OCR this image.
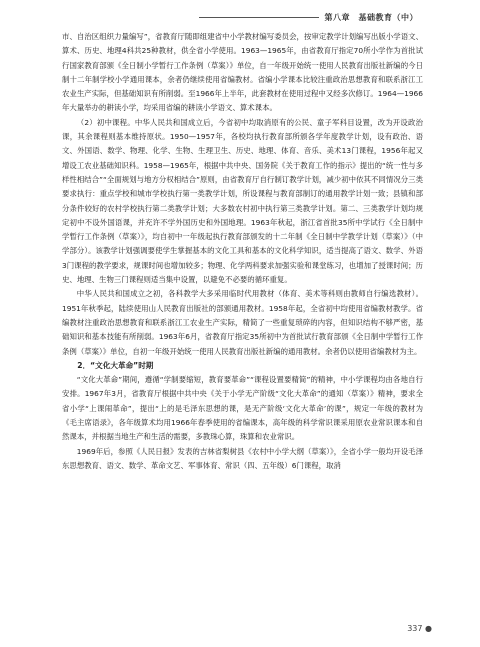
第八章　基础教育（中）

市、自治区组织力量编写”，省教育厅随即组建省中小学教材编写委员会，按审定教学计划编写出版小学语文、算术、历史、地理4科共25种教材，供全省小学使用。1963—1965年，由省教育厅指定70所小学作为首批试行国家教育部颁《全日制小学暂行工作条例（草案）》单位，自一年级开始统一使用人民教育出版社新编的今日制十二年制学校小学通用课本，余者仍继续使用省编教材。省编小学课本比较注重政治思想教育和联系浙江工农业生产实际，但基础知识有所削弱。至1966年上半年，此套教材在使用过程中又经多次修订。1964—1966年大量举办的耕读小学，均采用省编的耕读小学语文、算术课本。

（2）初中课程。中华人民共和国成立后，今省初中均取消原有的公民、童子军科目设置，改为开设政治课，其余课程则基本维持原状。1950—1957年，各校均执行教育部所颁各学年度教学计划，设有政治、语文、外国语、数学、物理、化学、生物、生理卫生、历史、地理、体育、音乐、美术13门课程，1956年起又增设工农业基础知识科。1958—1965年，根据中共中央、国务院《关于教育工作的指示》提出的“统一性与多样性相结合”“全面规划与地方分权相结合”原则，由省教育厅自行制订教学计划，减少初中依其不同情况分三类要求执行：重点学校和城市学校执行第一类教学计划，所设课程与教育部制订的通用教学计划一致；县镇和部分条件较好的农村学校执行第二类教学计划；大多数农村初中执行第三类教学计划。第二、三类教学计划均规定初中不设外国语课，并充许不学外国历史和外国地理。1963年秋起，浙江省首批35所中学试行《全日制中学暂行工作条例（草案）》，均自初中一年级起执行教育部颁发的十二年制《全日制中学教学计划（草案）》（中学部分）。该教学计划强调要使学生掌握基本的文化工具和基本的文化科学知识，适当提高了语文、数学、外语3门课程的教学要求，规课时间也增加较多；物理、化学两科要求加强实验和课堂练习，也增加了授课时间；历史、地理、生物三门课程则适当集中设置，以避免不必要的循环重复。

中华人民共和国成立之初，各科教学大多采用临时代用教材（体育、美术等科则由教师自行编选教材）。1951年秋季起，陆续使用山人民教育出版社的部颁通用教材。1958年起，全省初中均使用省编教材教学。省编教材注重政治思想教育和联系浙江工农业生产实际，精简了一些重复琐碎的内容，但知识结构不够严密，基础知识和基本技能有所削弱。1963年6月，省教育厅指定35所初中为首批试行教育部颁《全日制中学暂行工作条例（草案）》单位，自初一年级开始统一使用人民教育出版社新编的通用教材。余者仍以使用省编教材为主。

2．“文化大革命”时期

“文化大革命”期间，遵循“学制要缩短，教育要革命”“课程设置要精简”的精神，中小学课程均由各地自行安排。1967年3月，省教育厅根据中共中央《关于小学无产阶级“文化大革命”的通知（草案）》精神，要求全省小学“上课闹革命”，提出“上的是毛泽东思想的课，是无产阶级‘文化大革命’的课”，规定一年级的教材为《毛主席语录》，各年级算术均用1966年春季使用的省编课本，高年级的科学常识课采用原农业常识课本和自然课本，并根据当地生产和生活的需要，多教珠心算，珠算和农业常识。

1969年后，参照《人民日报》发表的吉林省梨树县《农村中小学大纲（草案）》，全省小学一般均开设毛泽东思想教育、语文、数学、革命文艺、军事体育、常识（四、五年级）6门课程，取消

337 ●
